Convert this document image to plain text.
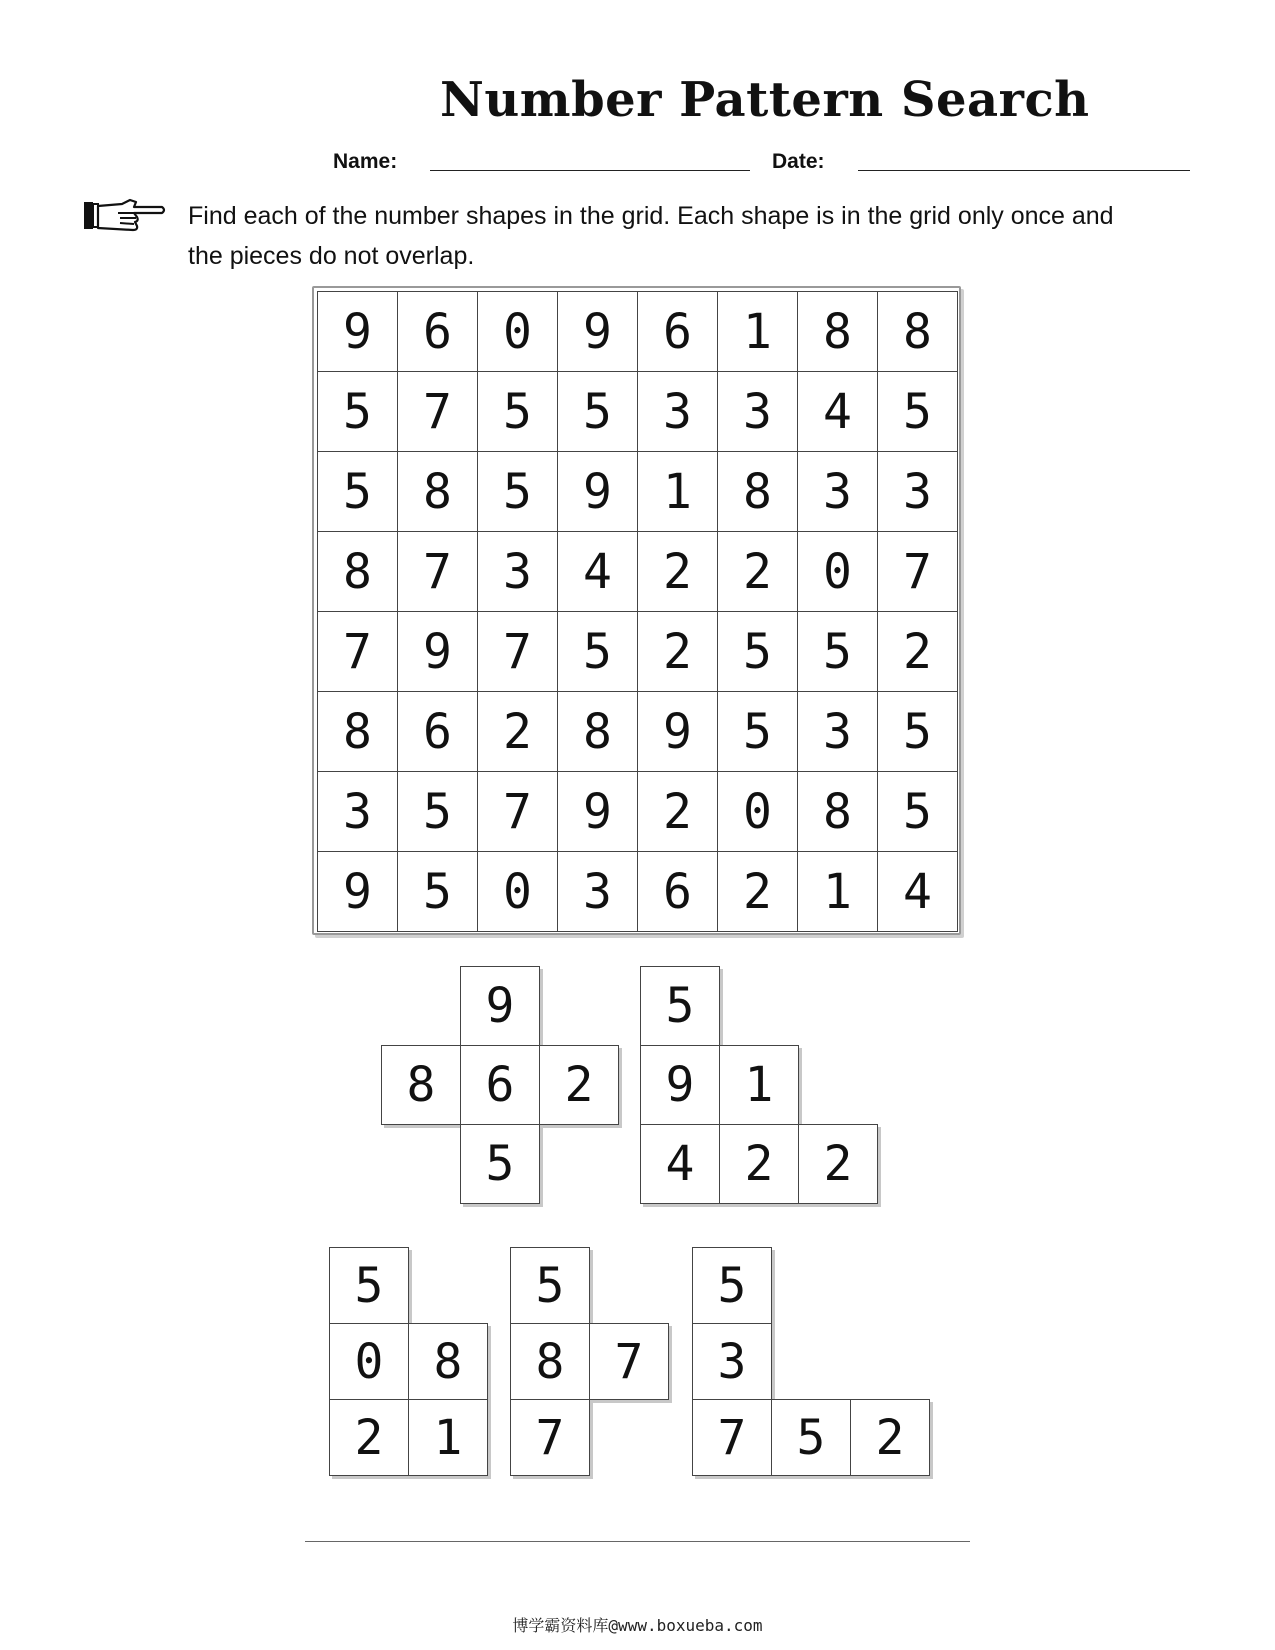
Number Pattern Search
Name:	Date:
Find each of the number shapes in the grid. Each shape is in the grid only once and
the pieces do not overlap.
9	6	0	9	6	1	8	8
5	7	5	5	3	3	4	5
5	8	5	9	1	8	3	3
8	7	3	4	2	2	0	7
7	9	7	5	2	5	5	2
8	6	2	8	9	5	3	5
3	5	7	9	2	0	8	5
9	5	0	3	6	2	1	4
9
8	6	2
5
5
9	1
4	2	2
5
0	8
2	1
5
8	7
7
5
3
7	5	2
博学霸资料库@www.boxueba.com
